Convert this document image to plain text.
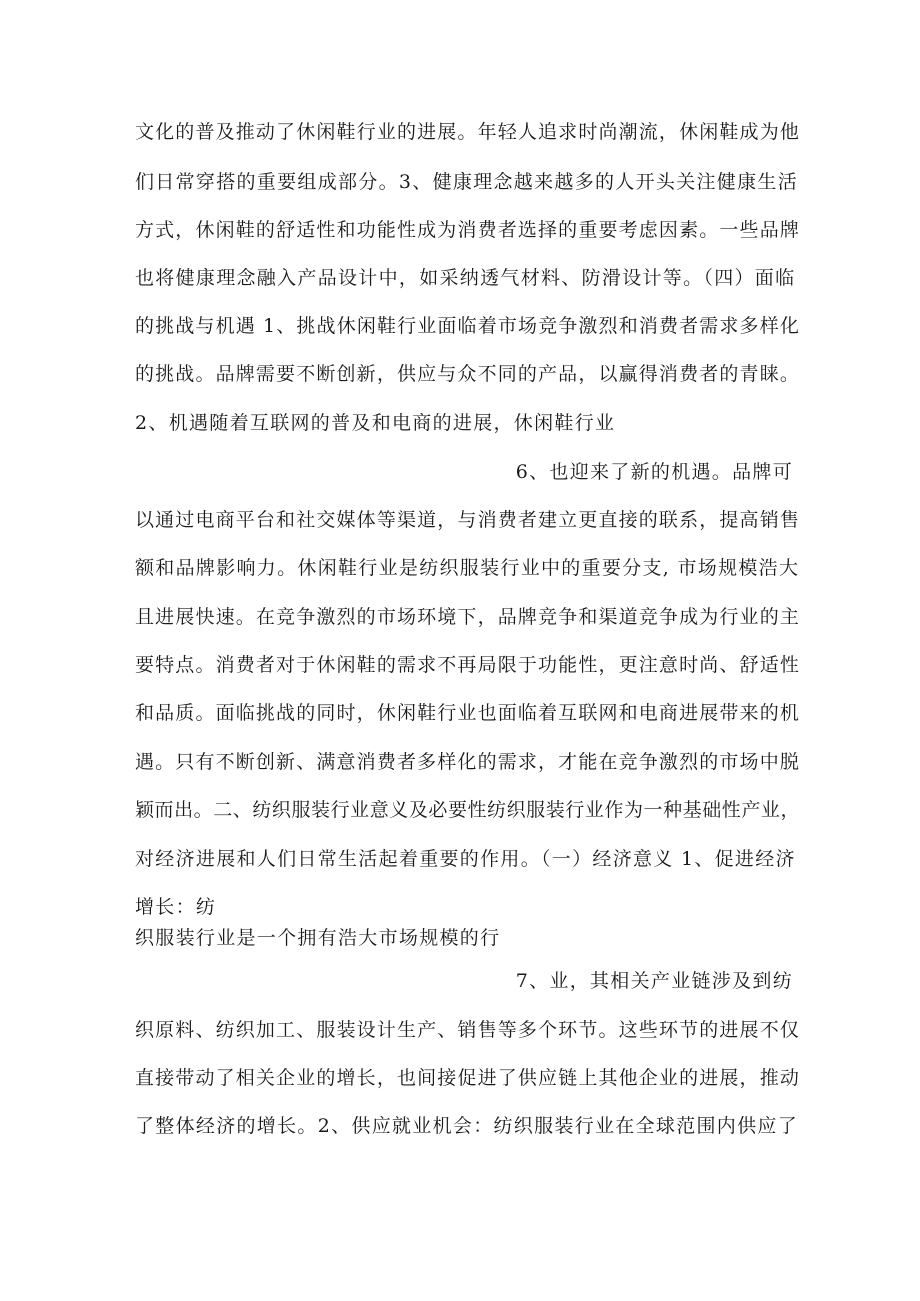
文化的普及推动了休闲鞋行业的进展。年轻人追求时尚潮流，休闲鞋成为他
们日常穿搭的重要组成部分。3、健康理念越来越多的人开头关注健康生活
方式，休闲鞋的舒适性和功能性成为消费者选择的重要考虑因素。一些品牌
也将健康理念融入产品设计中，如采纳透气材料、防滑设计等。（四）面临
的挑战与机遇 1、挑战休闲鞋行业面临着市场竞争激烈和消费者需求多样化
的挑战。品牌需要不断创新，供应与众不同的产品，以赢得消费者的青睐。
2、机遇随着互联网的普及和电商的进展，休闲鞋行业
6、也迎来了新的机遇。品牌可
以通过电商平台和社交媒体等渠道，与消费者建立更直接的联系，提高销售
额和品牌影响力。休闲鞋行业是纺织服装行业中的重要分支, 市场规模浩大
且进展快速。在竞争激烈的市场环境下，品牌竞争和渠道竞争成为行业的主
要特点。消费者对于休闲鞋的需求不再局限于功能性，更注意时尚、舒适性
和品质。面临挑战的同时，休闲鞋行业也面临着互联网和电商进展带来的机
遇。只有不断创新、满意消费者多样化的需求，才能在竞争激烈的市场中脱
颖而出。二、纺织服装行业意义及必要性纺织服装行业作为一种基础性产业，
对经济进展和人们日常生活起着重要的作用。（一）经济意义 1、促进经济
增长：纺
织服装行业是一个拥有浩大市场规模的行
7、业，其相关产业链涉及到纺
织原料、纺织加工、服装设计生产、销售等多个环节。这些环节的进展不仅
直接带动了相关企业的增长，也间接促进了供应链上其他企业的进展，推动
了整体经济的增长。2、供应就业机会：纺织服装行业在全球范围内供应了
